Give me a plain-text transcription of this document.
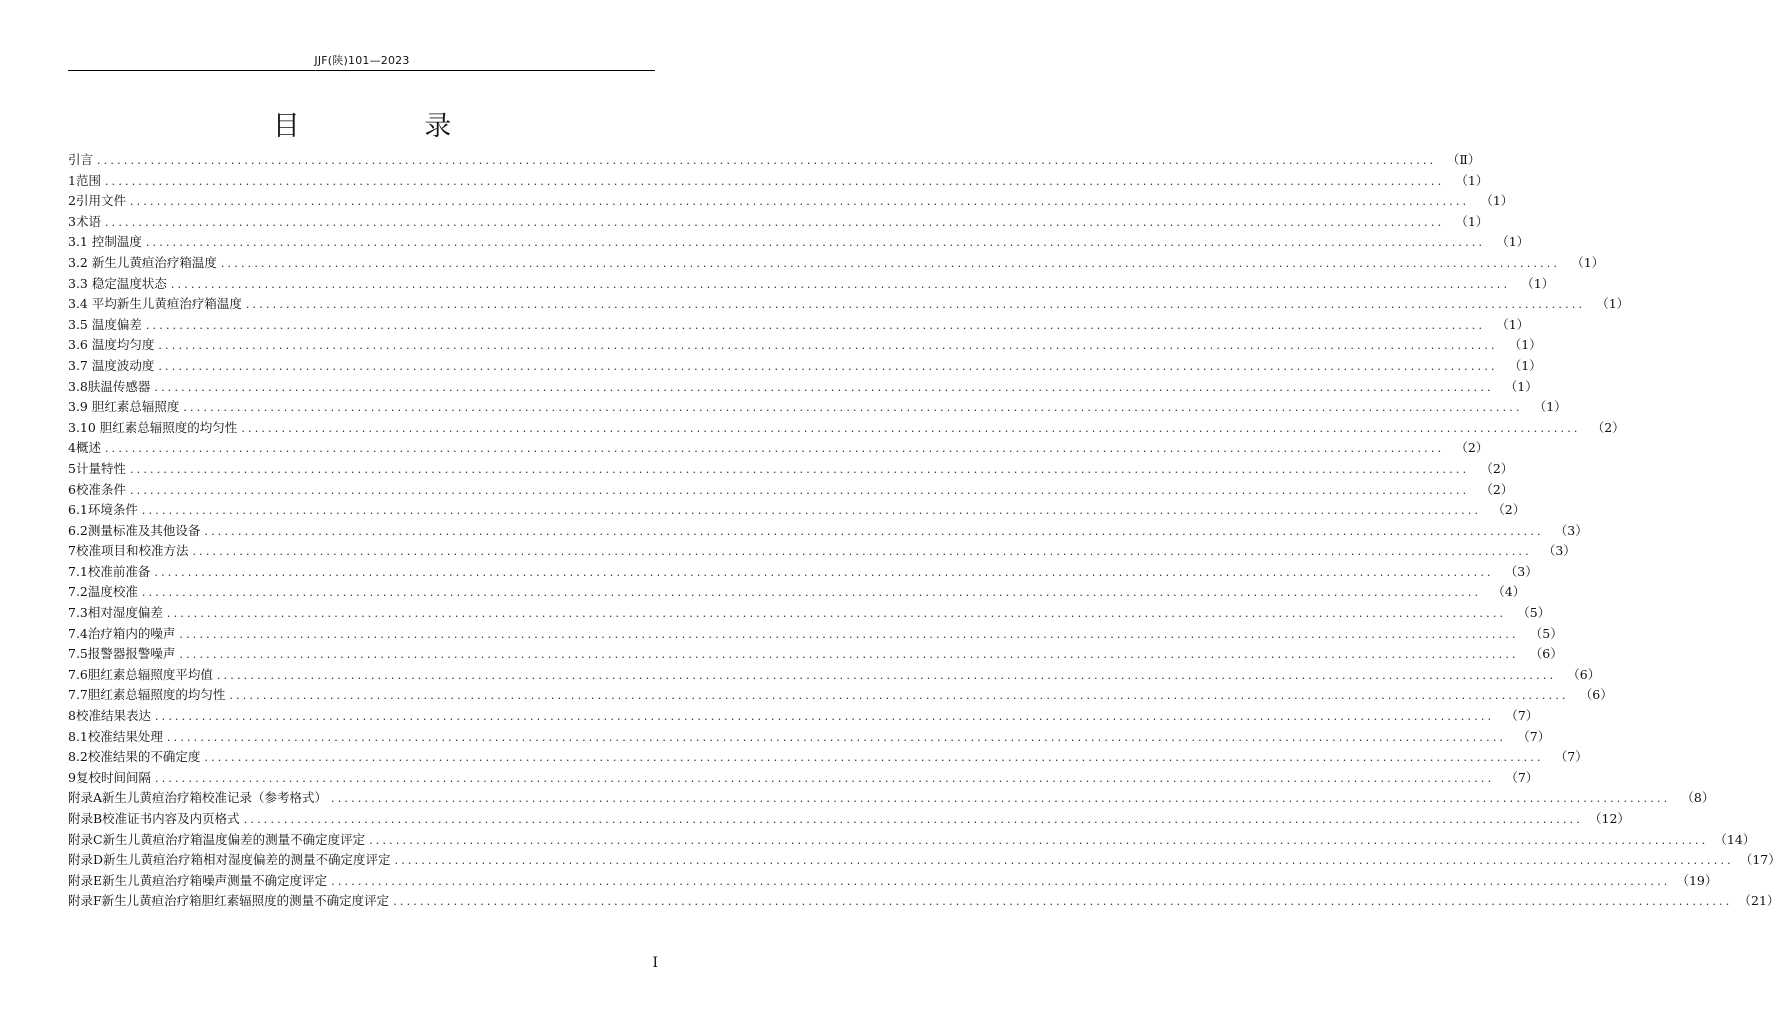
JJF(陕)101—2023
目 录
引言 ........................................................................................................................................................................................................ （Ⅱ）
1范围 ........................................................................................................................................................................................................ （1）
2引用文件 ........................................................................................................................................................................................................ （1）
3术语 ........................................................................................................................................................................................................ （1）
3.1 控制温度 ........................................................................................................................................................................................................ （1）
3.2 新生儿黄疸治疗箱温度 ........................................................................................................................................................................................................ （1）
3.3 稳定温度状态 ........................................................................................................................................................................................................ （1）
3.4 平均新生儿黄疸治疗箱温度 ........................................................................................................................................................................................................ （1）
3.5 温度偏差 ........................................................................................................................................................................................................ （1）
3.6 温度均匀度 ........................................................................................................................................................................................................ （1）
3.7 温度波动度 ........................................................................................................................................................................................................ （1）
3.8肤温传感器 ........................................................................................................................................................................................................ （1）
3.9 胆红素总辐照度 ........................................................................................................................................................................................................ （1）
3.10 胆红素总辐照度的均匀性 ........................................................................................................................................................................................................ （2）
4概述 ........................................................................................................................................................................................................ （2）
5计量特性 ........................................................................................................................................................................................................ （2）
6校准条件 ........................................................................................................................................................................................................ （2）
6.1环境条件 ........................................................................................................................................................................................................ （2）
6.2测量标准及其他设备 ........................................................................................................................................................................................................ （3）
7校准项目和校准方法 ........................................................................................................................................................................................................ （3）
7.1校准前准备 ........................................................................................................................................................................................................ （3）
7.2温度校准 ........................................................................................................................................................................................................ （4）
7.3相对湿度偏差 ........................................................................................................................................................................................................ （5）
7.4治疗箱内的噪声 ........................................................................................................................................................................................................ （5）
7.5报警器报警噪声 ........................................................................................................................................................................................................ （6）
7.6胆红素总辐照度平均值 ........................................................................................................................................................................................................ （6）
7.7胆红素总辐照度的均匀性 ........................................................................................................................................................................................................ （6）
8校准结果表达 ........................................................................................................................................................................................................ （7）
8.1校准结果处理 ........................................................................................................................................................................................................ （7）
8.2校准结果的不确定度 ........................................................................................................................................................................................................ （7）
9复校时间间隔 ........................................................................................................................................................................................................ （7）
附录A新生儿黄疸治疗箱校准记录（参考格式） ........................................................................................................................................................................................................ （8）
附录B校准证书内容及内页格式 ........................................................................................................................................................................................................ （12）
附录C新生儿黄疸治疗箱温度偏差的测量不确定度评定 ........................................................................................................................................................................................................ （14）
附录D新生儿黄疸治疗箱相对湿度偏差的测量不确定度评定 ........................................................................................................................................................................................................ （17）
附录E新生儿黄疸治疗箱噪声测量不确定度评定 ........................................................................................................................................................................................................ （19）
附录F新生儿黄疸治疗箱胆红素辐照度的测量不确定度评定 ........................................................................................................................................................................................................ （21）
I
